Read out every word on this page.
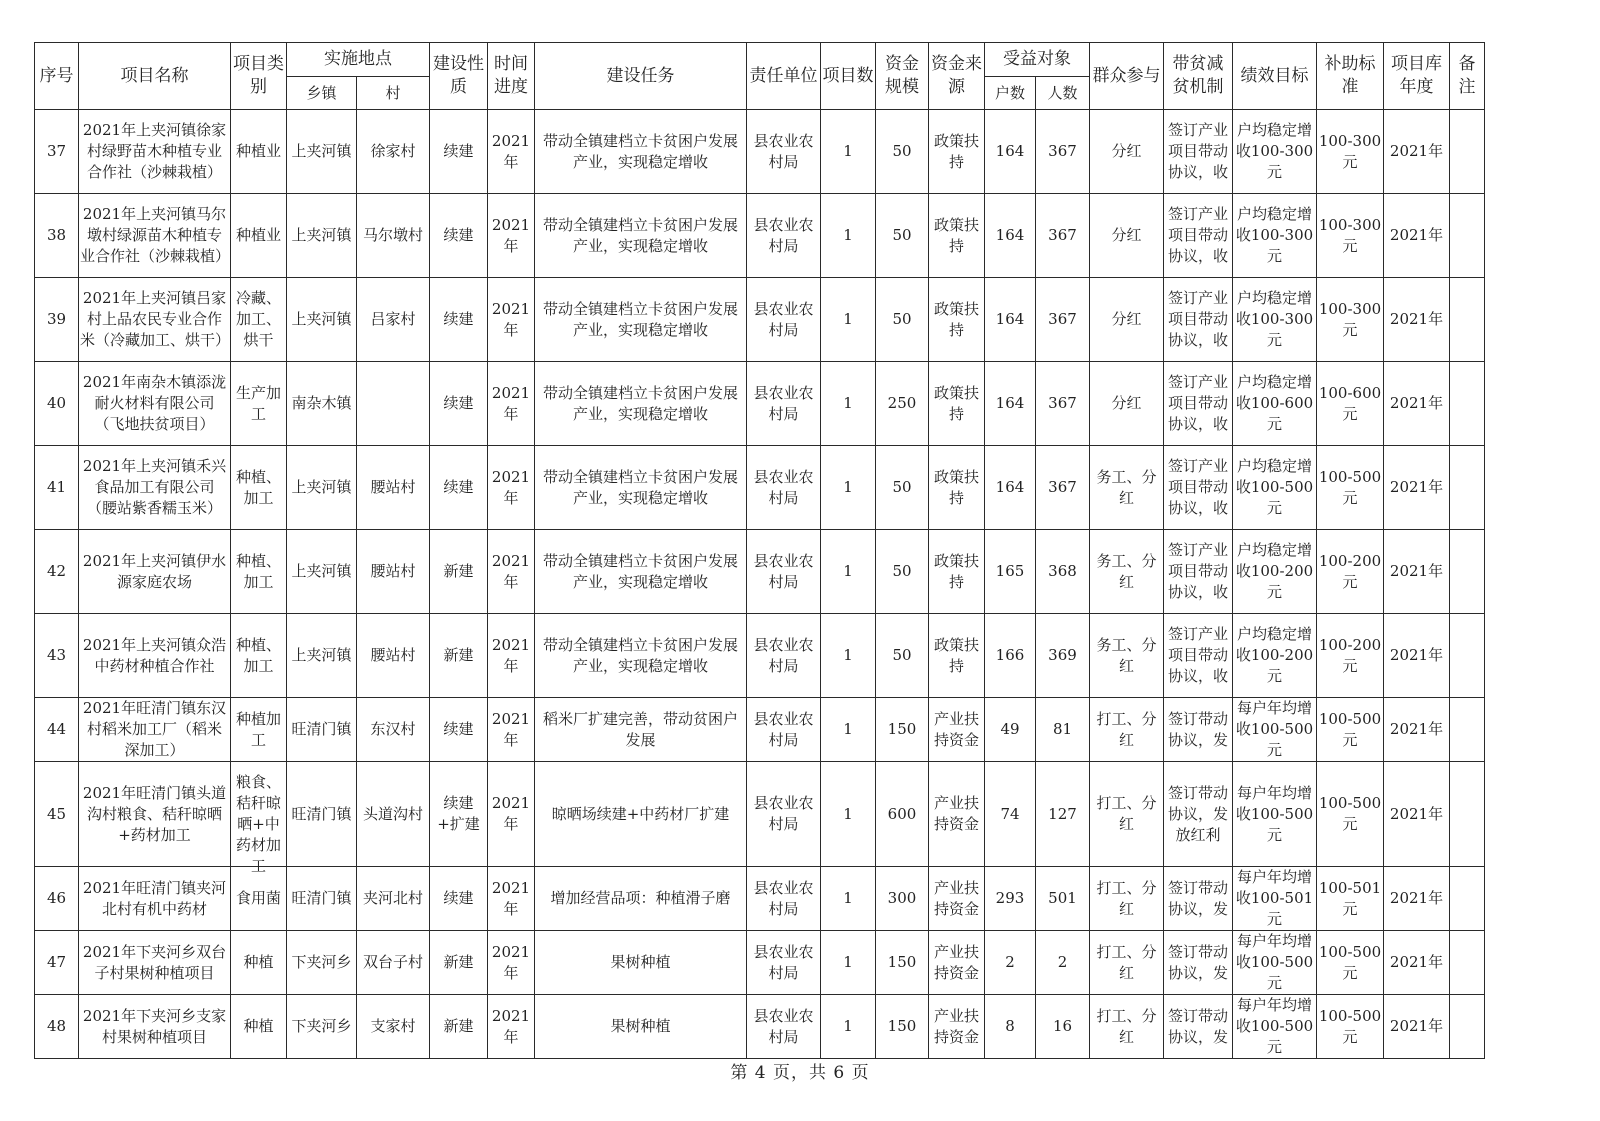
序号	项目名称	项目类别	实施地点		建设性质	时间进度	建设任务	责任单位	项目数	资金规模	资金来源	受益对象		群众参与	带贫减贫机制	绩效目标	补助标准	项目库年度	备注
			乡镇	村								户数	人数						

37	2021年上夹河镇徐家村绿野苗木种植专业合作社（沙棘栽植）	种植业	上夹河镇	徐家村	续建	2021年	带动全镇建档立卡贫困户发展产业，实现稳定增收	县农业农村局	1	50	政策扶持	164	367	分红	签订产业项目带动协议，收	户均稳定增收100-300元	100-300元	2021年	

38	2021年上夹河镇马尔墩村绿源苗木种植专业合作社（沙棘栽植）	种植业	上夹河镇	马尔墩村	续建	2021年	带动全镇建档立卡贫困户发展产业，实现稳定增收	县农业农村局	1	50	政策扶持	164	367	分红	签订产业项目带动协议，收	户均稳定增收100-300元	100-300元	2021年	

39	2021年上夹河镇吕家村上品农民专业合作米（冷藏加工、烘干）	冷藏、加工、烘干	上夹河镇	吕家村	续建	2021年	带动全镇建档立卡贫困户发展产业，实现稳定增收	县农业农村局	1	50	政策扶持	164	367	分红	签订产业项目带动协议，收	户均稳定增收100-300元	100-300元	2021年	

40	2021年南杂木镇添泷耐火材料有限公司（飞地扶贫项目）	生产加工	南杂木镇		续建	2021年	带动全镇建档立卡贫困户发展产业，实现稳定增收	县农业农村局	1	250	政策扶持	164	367	分红	签订产业项目带动协议，收	户均稳定增收100-600元	100-600元	2021年	

41	2021年上夹河镇禾兴食品加工有限公司（腰站紫香糯玉米）	种植、加工	上夹河镇	腰站村	续建	2021年	带动全镇建档立卡贫困户发展产业，实现稳定增收	县农业农村局	1	50	政策扶持	164	367	务工、分红	签订产业项目带动协议，收	户均稳定增收100-500元	100-500元	2021年	

42	2021年上夹河镇伊水源家庭农场	种植、加工	上夹河镇	腰站村	新建	2021年	带动全镇建档立卡贫困户发展产业，实现稳定增收	县农业农村局	1	50	政策扶持	165	368	务工、分红	签订产业项目带动协议，收	户均稳定增收100-200元	100-200元	2021年	

43	2021年上夹河镇众浩中药材种植合作社	种植、加工	上夹河镇	腰站村	新建	2021年	带动全镇建档立卡贫困户发展产业，实现稳定增收	县农业农村局	1	50	政策扶持	166	369	务工、分红	签订产业项目带动协议，收	户均稳定增收100-200元	100-200元	2021年	

44	2021年旺清门镇东汉村稻米加工厂（稻米深加工）	种植加工	旺清门镇	东汉村	续建	2021年	稻米厂扩建完善，带动贫困户发展	县农业农村局	1	150	产业扶持资金	49	81	打工、分红	签订带动协议，发	每户年均增收100-500元	100-500元	2021年	

45	2021年旺清门镇头道沟村粮食、秸秆晾晒+药材加工	粮食、秸秆晾晒+中药材加工	旺清门镇	头道沟村	续建+扩建	2021年	晾晒场续建+中药材厂扩建	县农业农村局	1	600	产业扶持资金	74	127	打工、分红	签订带动协议，发放红利	每户年均增收100-500元	100-500元	2021年	

46	2021年旺清门镇夹河北村有机中药材	食用菌	旺清门镇	夹河北村	续建	2021年	增加经营品项：种植滑子磨	县农业农村局	1	300	产业扶持资金	293	501	打工、分红	签订带动协议，发	每户年均增收100-501元	100-501元	2021年	

47	2021年下夹河乡双台子村果树种植项目	种植	下夹河乡	双台子村	新建	2021年	果树种植	县农业农村局	1	150	产业扶持资金	2	2	打工、分红	签订带动协议，发	每户年均增收100-500元	100-500元	2021年	

48	2021年下夹河乡支家村果树种植项目	种植	下夹河乡	支家村	新建	2021年	果树种植	县农业农村局	1	150	产业扶持资金	8	16	打工、分红	签订带动协议，发	每户年均增收100-500元	100-500元	2021年	

第 4 页，共 6 页
